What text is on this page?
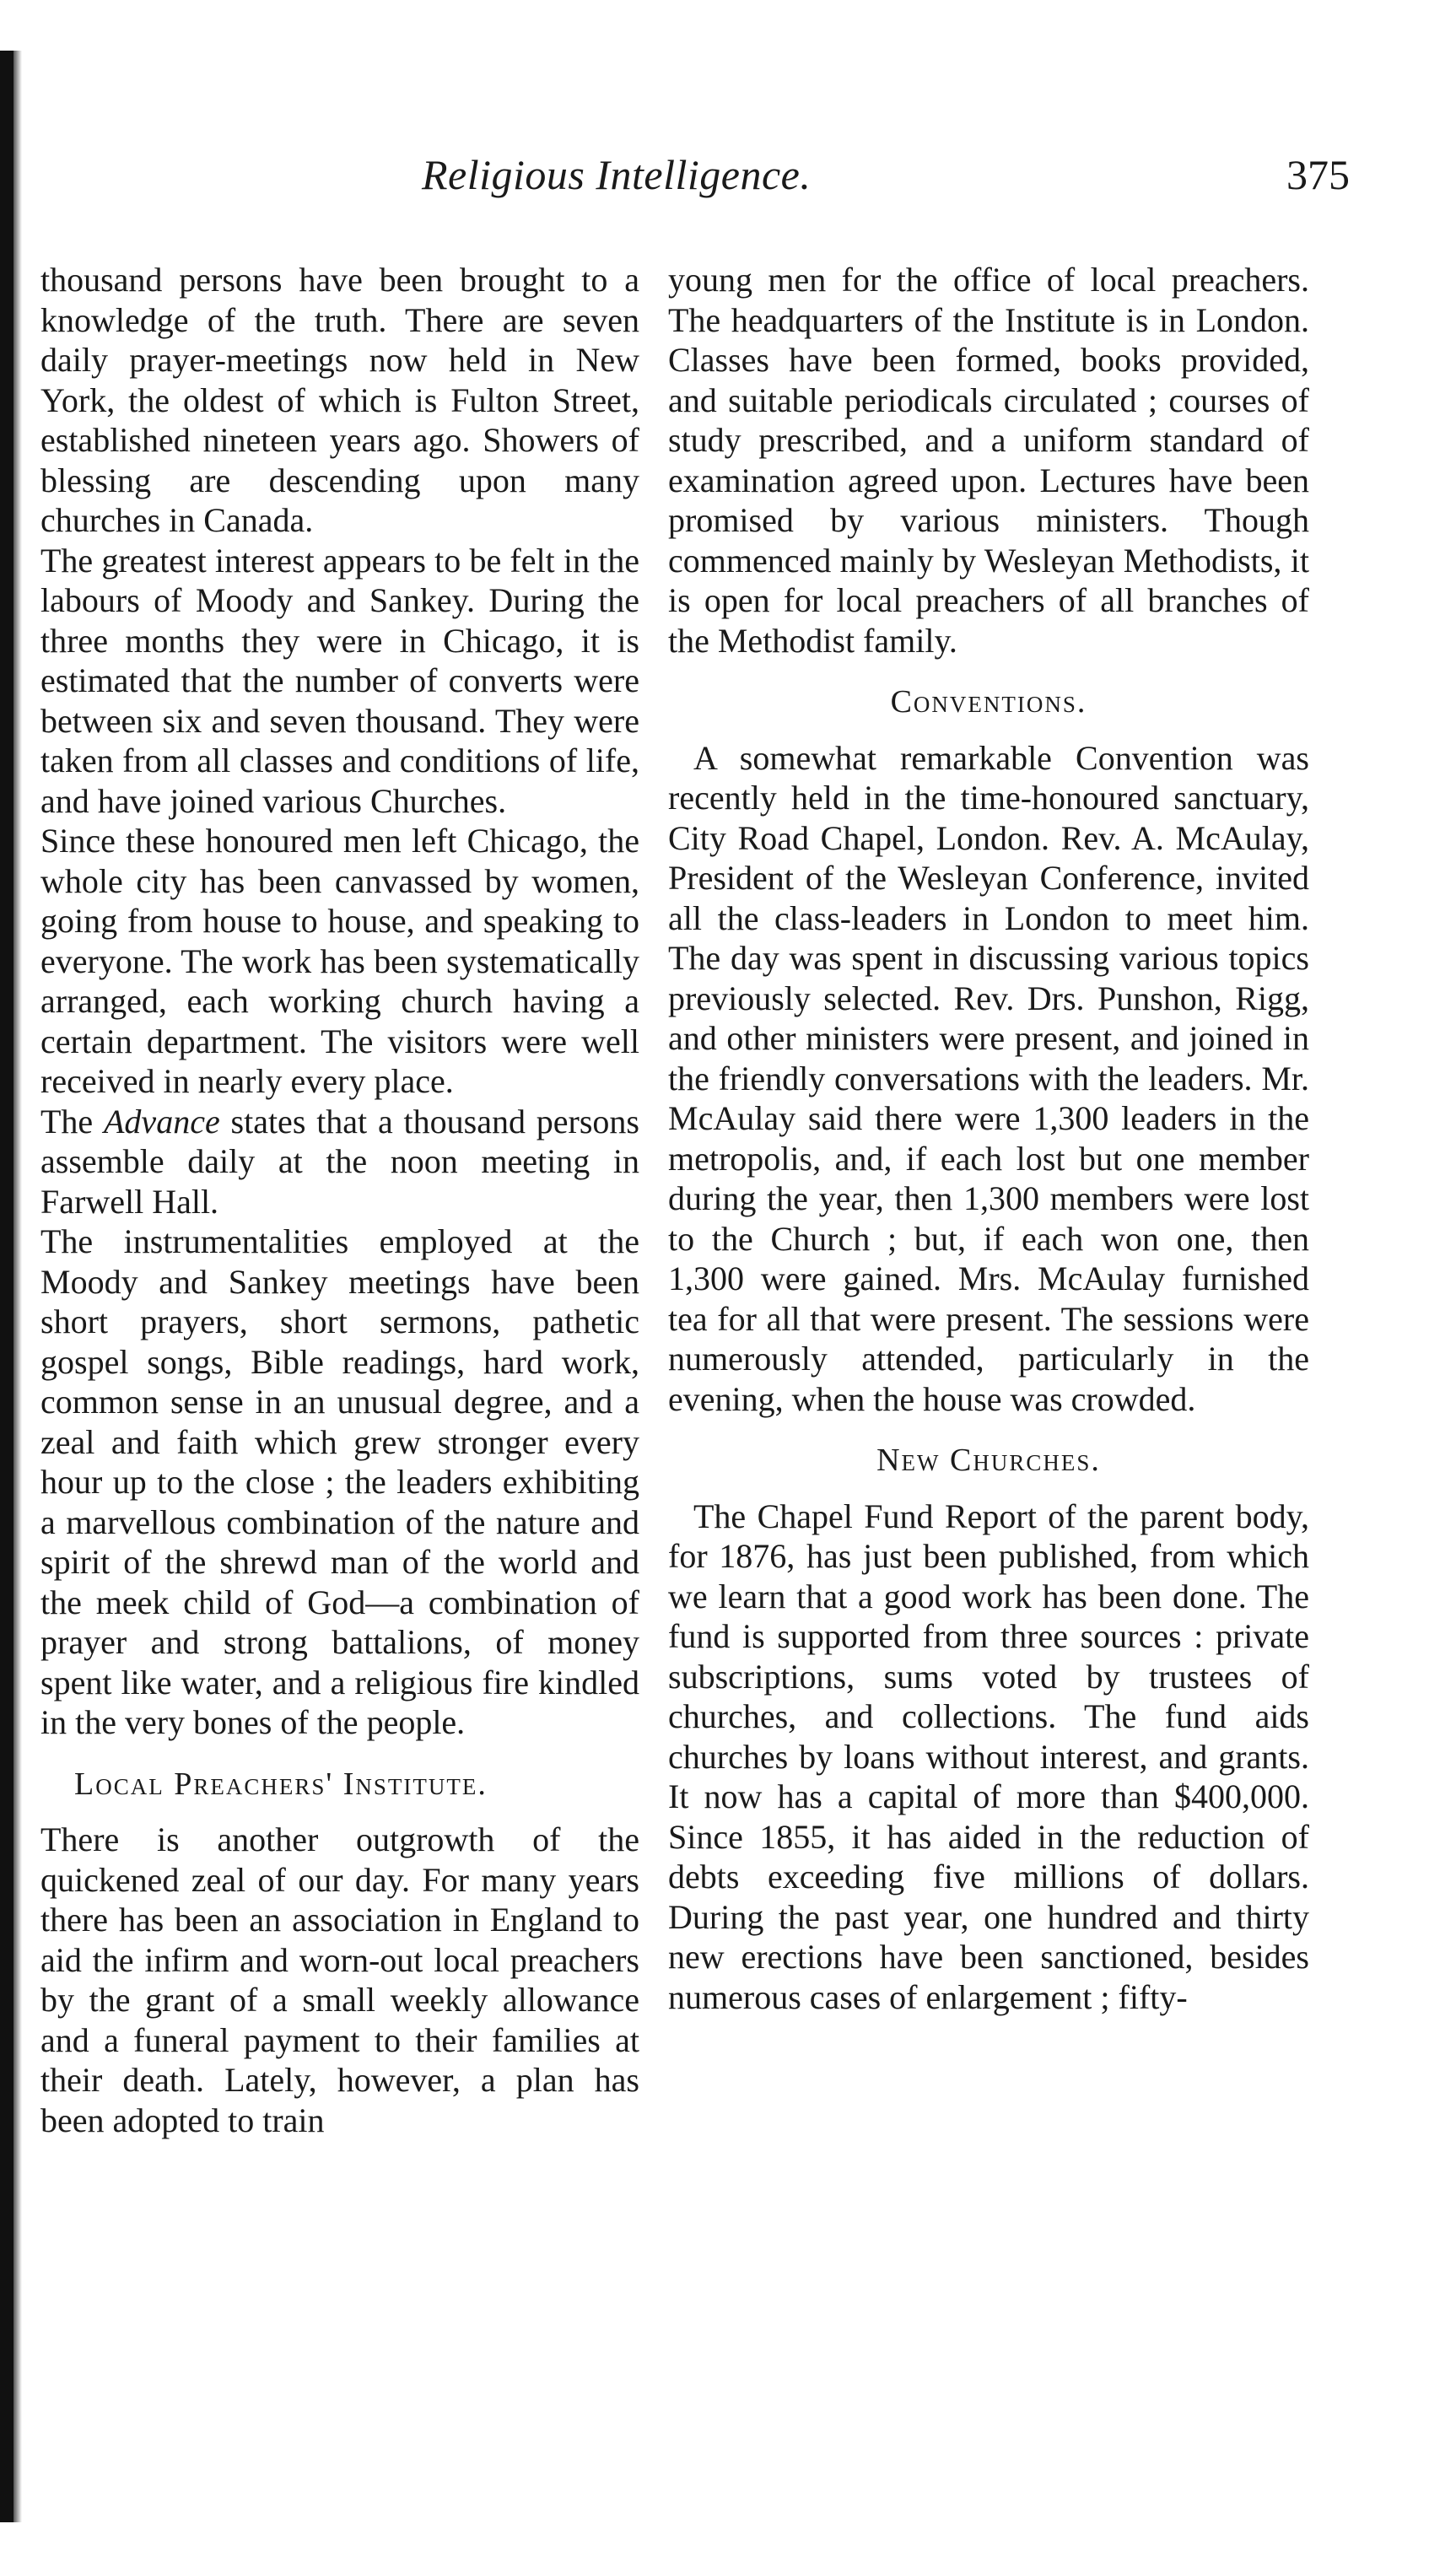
Religious Intelligence.	375

thousand persons have been brought to a knowledge of the truth. There are seven daily prayer-meetings now held in New York, the oldest of which is Fulton Street, established nineteen years ago. Showers of blessing are descending upon many churches in Canada.

The greatest interest appears to be felt in the labours of Moody and Sankey. During the three months they were in Chicago, it is estimated that the number of converts were between six and seven thousand. They were taken from all classes and conditions of life, and have joined various Churches.

Since these honoured men left Chicago, the whole city has been canvassed by women, going from house to house, and speaking to everyone. The work has been systematically arranged, each working church having a certain department. The visitors were well received in nearly every place.

The Advance states that a thousand persons assemble daily at the noon meeting in Farwell Hall.

The instrumentalities employed at the Moody and Sankey meetings have been short prayers, short sermons, pathetic gospel songs, Bible readings, hard work, common sense in an unusual degree, and a zeal and faith which grew stronger every hour up to the close ; the leaders exhibiting a marvellous combination of the nature and spirit of the shrewd man of the world and the meek child of God—a combination of prayer and strong battalions, of money spent like water, and a religious fire kindled in the very bones of the people.

Local Preachers' Institute.

There is another outgrowth of the quickened zeal of our day. For many years there has been an association in England to aid the infirm and worn-out local preachers by the grant of a small weekly allowance and a funeral payment to their families at their death. Lately, however, a plan has been adopted to train

young men for the office of local preachers. The headquarters of the Institute is in London. Classes have been formed, books provided, and suitable periodicals circulated ; courses of study prescribed, and a uniform standard of examination agreed upon. Lectures have been promised by various ministers. Though commenced mainly by Wesleyan Methodists, it is open for local preachers of all branches of the Methodist family.

Conventions.

A somewhat remarkable Convention was recently held in the time-honoured sanctuary, City Road Chapel, London. Rev. A. McAulay, President of the Wesleyan Conference, invited all the class-leaders in London to meet him. The day was spent in discussing various topics previously selected. Rev. Drs. Punshon, Rigg, and other ministers were present, and joined in the friendly conversations with the leaders. Mr. McAulay said there were 1,300 leaders in the metropolis, and, if each lost but one member during the year, then 1,300 members were lost to the Church ; but, if each won one, then 1,300 were gained. Mrs. McAulay furnished tea for all that were present. The sessions were numerously attended, particularly in the evening, when the house was crowded.

New Churches.

The Chapel Fund Report of the parent body, for 1876, has just been published, from which we learn that a good work has been done. The fund is supported from three sources : private subscriptions, sums voted by trustees of churches, and collections. The fund aids churches by loans without interest, and grants. It now has a capital of more than $400,000. Since 1855, it has aided in the reduction of debts exceeding five millions of dollars. During the past year, one hundred and thirty new erections have been sanctioned, besides numerous cases of enlargement ; fifty-
